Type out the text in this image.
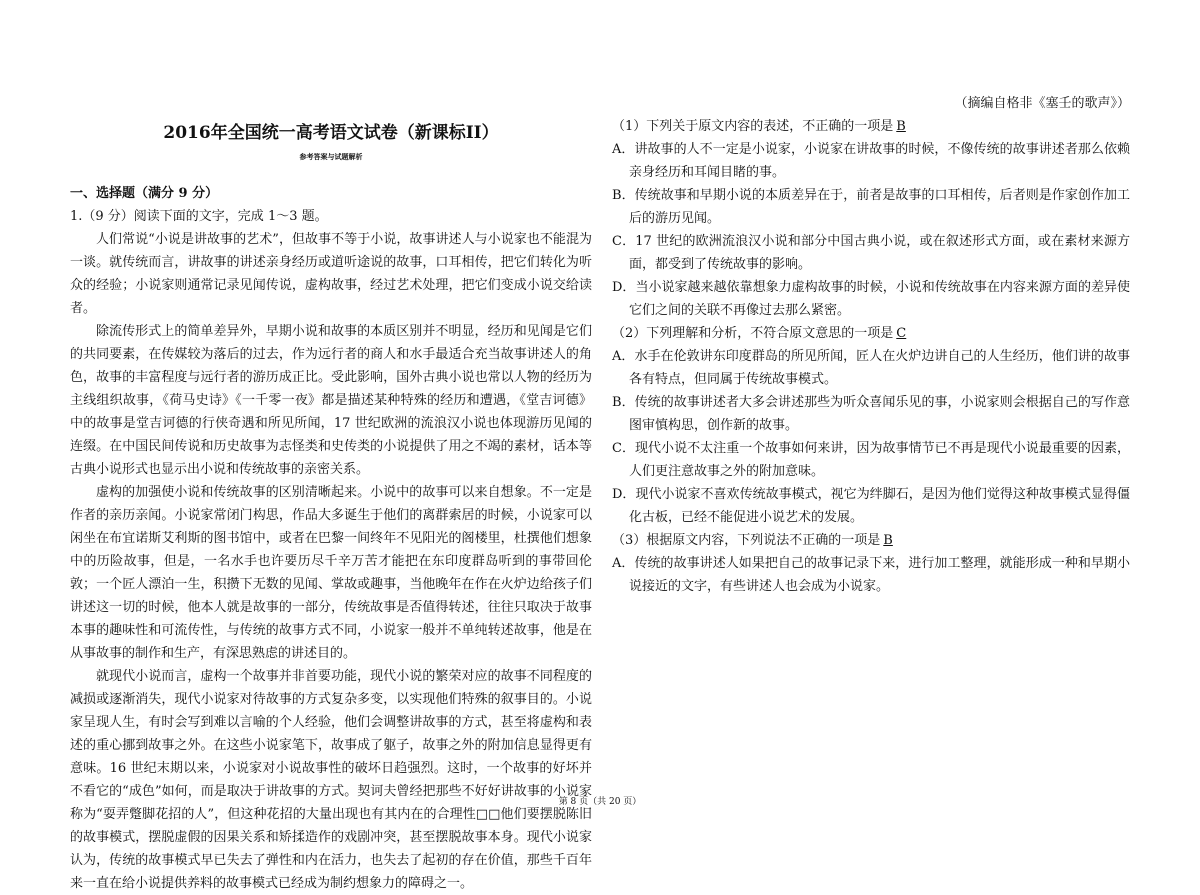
2016年全国统一高考语文试卷（新课标II）
参考答案与试题解析

一、选择题（满分 9 分）

1.（9 分）阅读下面的文字，完成 1〜3 题。

人们常说“小说是讲故事的艺术”，但故事不等于小说，故事讲述人与小说家也不能混为一谈。就传统而言，讲故事的讲述亲身经历或道听途说的故事，口耳相传，把它们转化为听众的经验；小说家则通常记录见闻传说，虚构故事，经过艺术处理，把它们变成小说交给读者。

除流传形式上的简单差异外，早期小说和故事的本质区别并不明显，经历和见闻是它们的共同要素，在传媒较为落后的过去，作为远行者的商人和水手最适合充当故事讲述人的角色，故事的丰富程度与远行者的游历成正比。受此影响，国外古典小说也常以人物的经历为主线组织故事，《荷马史诗》《一千零一夜》都是描述某种特殊的经历和遭遇，《堂吉诃德》中的故事是堂吉诃德的行侠奇遇和所见所闻，17 世纪欧洲的流浪汉小说也体现游历见闻的连缀。在中国民间传说和历史故事为志怪类和史传类的小说提供了用之不竭的素材，话本等古典小说形式也显示出小说和传统故事的亲密关系。

虚构的加强使小说和传统故事的区别清晰起来。小说中的故事可以来自想象。不一定是作者的亲历亲闻。小说家常闭门构思，作品大多诞生于他们的离群索居的时候，小说家可以闲坐在布宜诺斯艾利斯的图书馆中，或者在巴黎一间终年不见阳光的阁楼里，杜撰他们想象中的历险故事，但是，一名水手也许要历尽千辛万苦才能把在东印度群岛听到的事带回伦敦；一个匠人漂泊一生，积攒下无数的见闻、掌故或趣事，当他晚年在作在火炉边给孩子们讲述这一切的时候，他本人就是故事的一部分，传统故事是否值得转述，往往只取决于故事本事的趣味性和可流传性，与传统的故事方式不同，小说家一般并不单纯转述故事，他是在从事故事的制作和生产，有深思熟虑的讲述目的。

就现代小说而言，虚构一个故事并非首要功能，现代小说的繁荣对应的故事不同程度的减损或逐渐消失，现代小说家对待故事的方式复杂多变，以实现他们特殊的叙事目的。小说家呈现人生，有时会写到难以言喻的个人经验，他们会调整讲故事的方式，甚至将虚构和表述的重心挪到故事之外。在这些小说家笔下，故事成了躯子，故事之外的附加信息显得更有意味。16 世纪末期以来，小说家对小说故事性的破坏日趋强烈。这时，一个故事的好坏并不看它的“成色”如何，而是取决于讲故事的方式。契诃夫曾经把那些不好好讲故事的小说家称为“耍弄蹩脚花招的人”，但这种花招的大量出现也有其内在的合理性□□他们要摆脱陈旧的故事模式，摆脱虚假的因果关系和矫揉造作的戏剧冲突，甚至摆脱故事本身。现代小说家认为，传统的故事模式早已失去了弹性和内在活力，也失去了起初的存在价值，那些千百年来一直在给小说提供养料的故事模式已经成为制约想象力的障碍之一。

（摘编自格非《塞壬的歌声》）

（1）下列关于原文内容的表述，不正确的一项是 B

A．讲故事的人不一定是小说家，小说家在讲故事的时候，不像传统的故事讲述者那么依赖亲身经历和耳闻目睹的事。

B．传统故事和早期小说的本质差异在于，前者是故事的口耳相传，后者则是作家创作加工后的游历见闻。

C．17 世纪的欧洲流浪汉小说和部分中国古典小说，或在叙述形式方面，或在素材来源方面，都受到了传统故事的影响。

D．当小说家越来越依靠想象力虚构故事的时候，小说和传统故事在内容来源方面的差异使它们之间的关联不再像过去那么紧密。

（2）下列理解和分析，不符合原文意思的一项是 C

A．水手在伦敦讲东印度群岛的所见所闻，匠人在火炉边讲自己的人生经历，他们讲的故事各有特点，但同属于传统故事模式。

B．传统的故事讲述者大多会讲述那些为听众喜闻乐见的事，小说家则会根据自己的写作意图审慎构思，创作新的故事。

C．现代小说不太注重一个故事如何来讲，因为故事情节已不再是现代小说最重要的因素，人们更注意故事之外的附加意味。

D．现代小说家不喜欢传统故事模式，视它为绊脚石，是因为他们觉得这种故事模式显得僵化古板，已经不能促进小说艺术的发展。

（3）根据原文内容，下列说法不正确的一项是 B

A．传统的故事讲述人如果把自己的故事记录下来，进行加工整理，就能形成一种和早期小说接近的文字，有些讲述人也会成为小说家。

第 8 页（共 20 页）
